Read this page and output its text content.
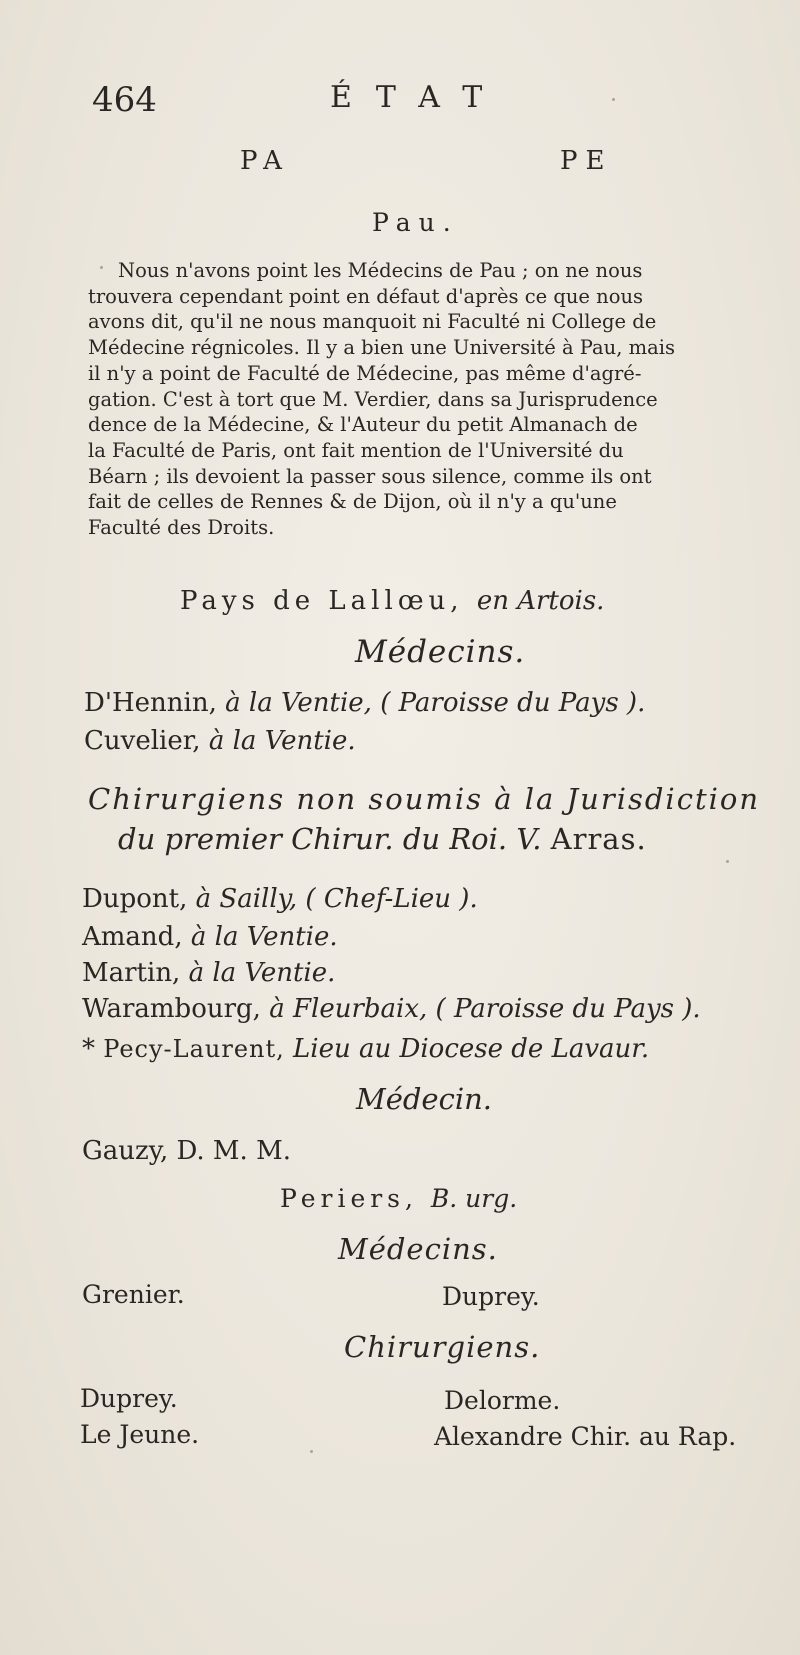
464	ÉTAT
PA	PE
Pau.
Nous n'avons point les Médecins de Pau ; on ne nous
trouvera cependant point en défaut d'après ce que nous
avons dit, qu'il ne nous manquoit ni Faculté ni College de
Médecine régnicoles. Il y a bien une Université à Pau, mais
il n'y a point de Faculté de Médecine, pas même d'agré-
gation. C'est à tort que M. Verdier, dans sa Jurisprudence
dence de la Médecine, & l'Auteur du petit Almanach de
la Faculté de Paris, ont fait mention de l'Université du
Béarn ; ils devoient la passer sous silence, comme ils ont
fait de celles de Rennes & de Dijon, où il n'y a qu'une
Faculté des Droits.
Pays de Lallœu, en Artois.
Médecins.
D'Hennin, à la Ventie, ( Paroisse du Pays ).
Cuvelier, à la Ventie.
Chirurgiens non soumis à la Jurisdiction
du premier Chirur. du Roi. V. Arras.
Dupont, à Sailly, ( Chef-Lieu ).
Amand, à la Ventie.
Martin, à la Ventie.
Warambourg, à Fleurbaix, ( Paroisse du Pays ).
* Pecy-Laurent, Lieu au Diocese de Lavaur.
Médecin.
Gauzy, D. M. M.
Periers, B. urg.
Médecins.
Grenier.	Duprey.
Chirurgiens.
Duprey.	Delorme.
Le Jeune.	Alexandre Chir. au Rap.
